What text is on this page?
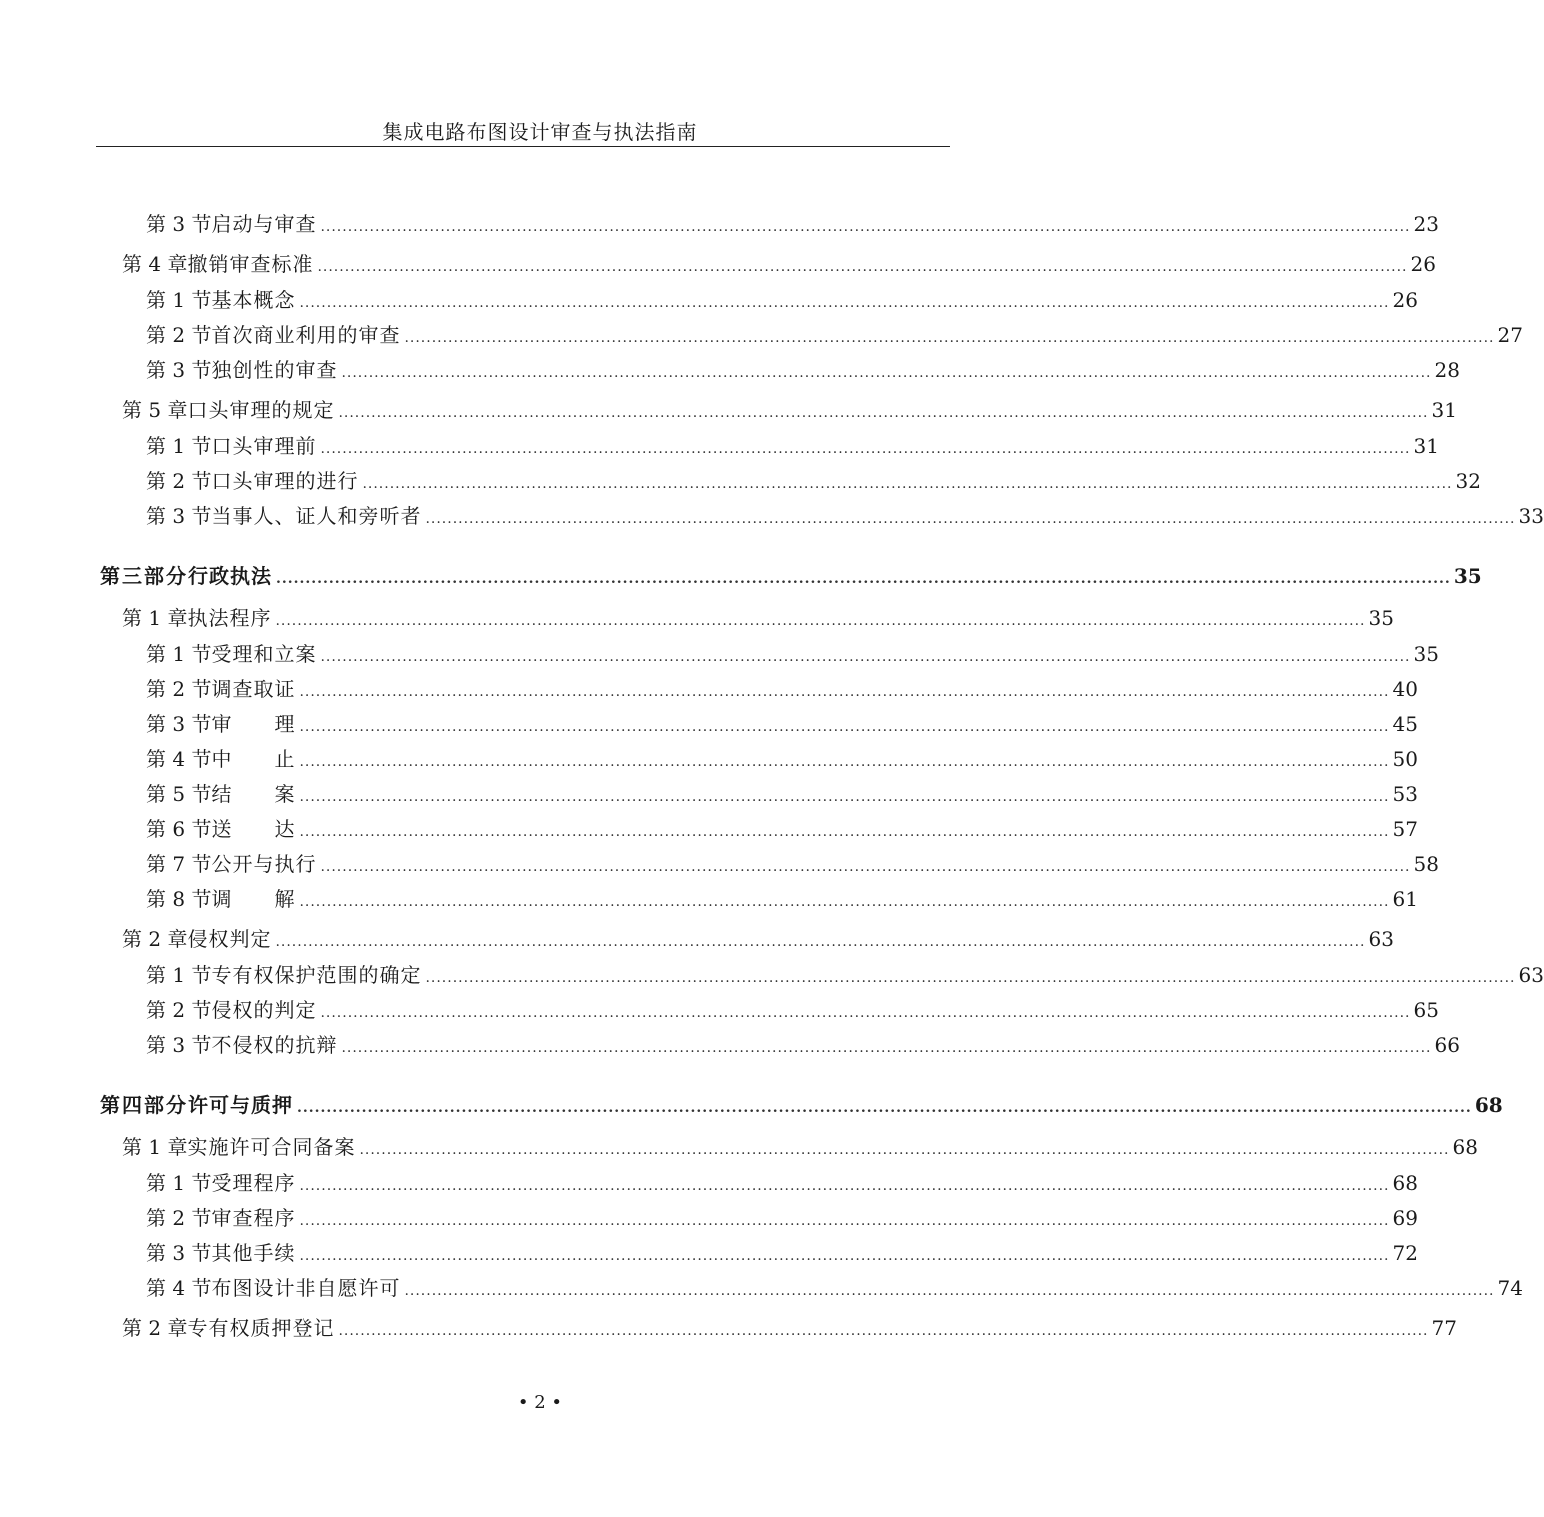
集成电路布图设计审查与执法指南
第 3 节 启动与审查 ........................................................................................................................................................................................................ 23
第 4 章 撤销审查标准 ........................................................................................................................................................................................................ 26
第 1 节 基本概念 ........................................................................................................................................................................................................ 26
第 2 节 首次商业利用的审查 ........................................................................................................................................................................................................ 27
第 3 节 独创性的审查 ........................................................................................................................................................................................................ 28
第 5 章 口头审理的规定 ........................................................................................................................................................................................................ 31
第 1 节 口头审理前 ........................................................................................................................................................................................................ 31
第 2 节 口头审理的进行 ........................................................................................................................................................................................................ 32
第 3 节 当事人、证人和旁听者 ........................................................................................................................................................................................................ 33
第三部分 行政执法 ........................................................................................................................................................................................................ 35
第 1 章 执法程序 ........................................................................................................................................................................................................ 35
第 1 节 受理和立案 ........................................................................................................................................................................................................ 35
第 2 节 调查取证 ........................................................................................................................................................................................................ 40
第 3 节 审　　理 ........................................................................................................................................................................................................ 45
第 4 节 中　　止 ........................................................................................................................................................................................................ 50
第 5 节 结　　案 ........................................................................................................................................................................................................ 53
第 6 节 送　　达 ........................................................................................................................................................................................................ 57
第 7 节 公开与执行 ........................................................................................................................................................................................................ 58
第 8 节 调　　解 ........................................................................................................................................................................................................ 61
第 2 章 侵权判定 ........................................................................................................................................................................................................ 63
第 1 节 专有权保护范围的确定 ........................................................................................................................................................................................................ 63
第 2 节 侵权的判定 ........................................................................................................................................................................................................ 65
第 3 节 不侵权的抗辩 ........................................................................................................................................................................................................ 66
第四部分 许可与质押 ........................................................................................................................................................................................................ 68
第 1 章 实施许可合同备案 ........................................................................................................................................................................................................ 68
第 1 节 受理程序 ........................................................................................................................................................................................................ 68
第 2 节 审查程序 ........................................................................................................................................................................................................ 69
第 3 节 其他手续 ........................................................................................................................................................................................................ 72
第 4 节 布图设计非自愿许可 ........................................................................................................................................................................................................ 74
第 2 章 专有权质押登记 ........................................................................................................................................................................................................ 77
• 2 •
